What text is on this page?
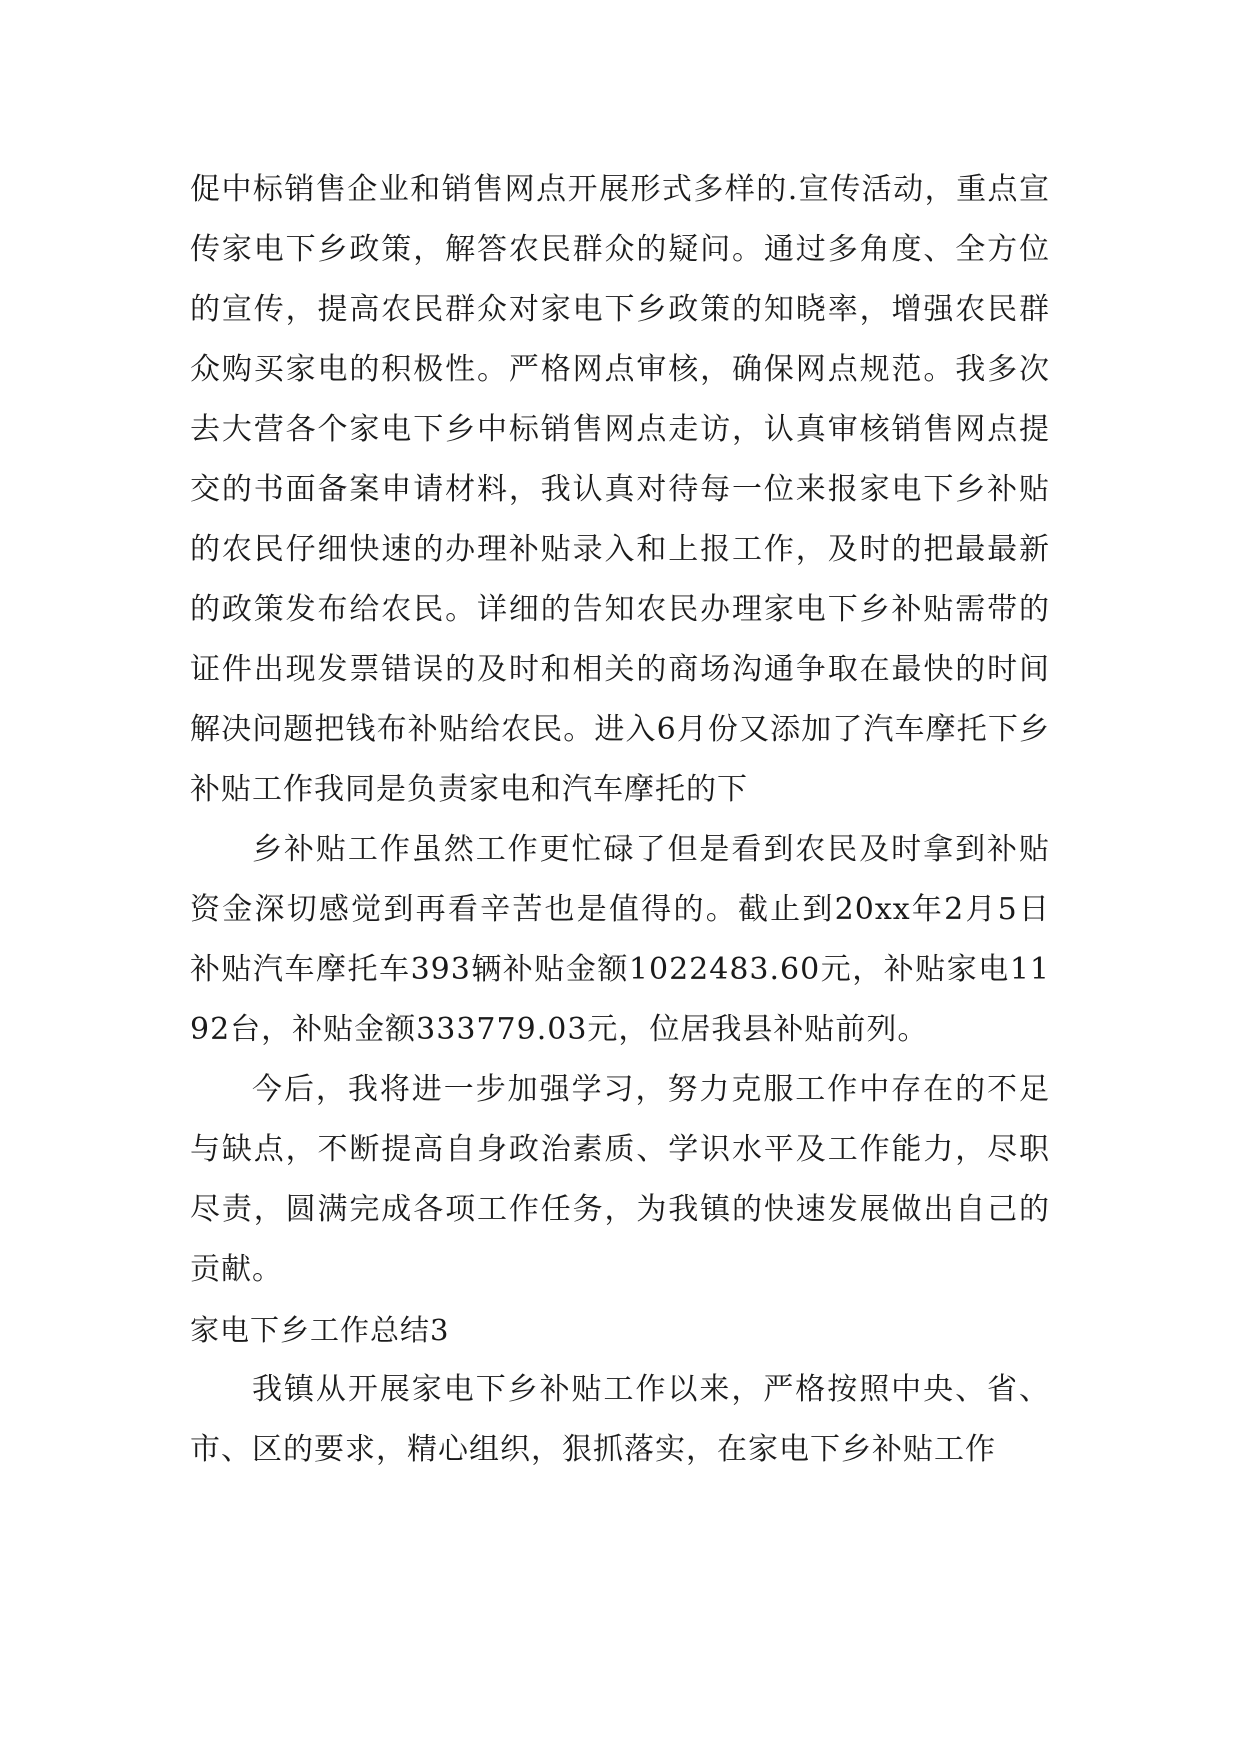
促中标销售企业和销售网点开展形式多样的.宣传活动，重点宣传家电下乡政策，解答农民群众的疑问。通过多角度、全方位的宣传，提高农民群众对家电下乡政策的知晓率，增强农民群众购买家电的积极性。严格网点审核，确保网点规范。我多次去大营各个家电下乡中标销售网点走访，认真审核销售网点提交的书面备案申请材料，我认真对待每一位来报家电下乡补贴的农民仔细快速的办理补贴录入和上报工作，及时的把最最新的政策发布给农民。详细的告知农民办理家电下乡补贴需带的证件出现发票错误的及时和相关的商场沟通争取在最快的时间解决问题把钱布补贴给农民。进入6月份又添加了汽车摩托下乡补贴工作我同是负责家电和汽车摩托的下

乡补贴工作虽然工作更忙碌了但是看到农民及时拿到补贴资金深切感觉到再看辛苦也是值得的。截止到20xx年2月5日补贴汽车摩托车393辆补贴金额1022483.60元，补贴家电1192台，补贴金额333779.03元，位居我县补贴前列。

今后，我将进一步加强学习，努力克服工作中存在的不足与缺点，不断提高自身政治素质、学识水平及工作能力，尽职尽责，圆满完成各项工作任务，为我镇的快速发展做出自己的贡献。

家电下乡工作总结3

我镇从开展家电下乡补贴工作以来，严格按照中央、省、市、区的要求，精心组织，狠抓落实，在家电下乡补贴工作
